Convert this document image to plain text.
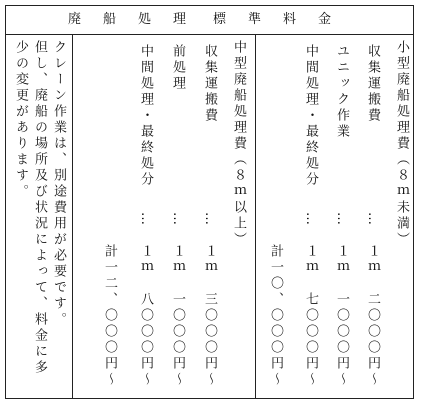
廃 船 処 理 標 準 料 金
小型廃船処理費（８ｍ未満）
収集運搬費
ユニック作業
中間処理・最終処分
…
…
…
１ｍ　二〇〇〇円～
１ｍ　一〇〇〇円～
１ｍ　七〇〇〇円～
計一〇、〇〇〇円～
中型廃船処理費（８ｍ以上）
収集運搬費
前処理
中間処理・最終処分
…
…
…
１ｍ　三〇〇〇円～
１ｍ　一〇〇〇円～
１ｍ　八〇〇〇円～
計一二、〇〇〇円～
クレーン作業は、別途費用が必要です。
但し、廃船の場所及び状況によって、料金に多
少の変更があります。
